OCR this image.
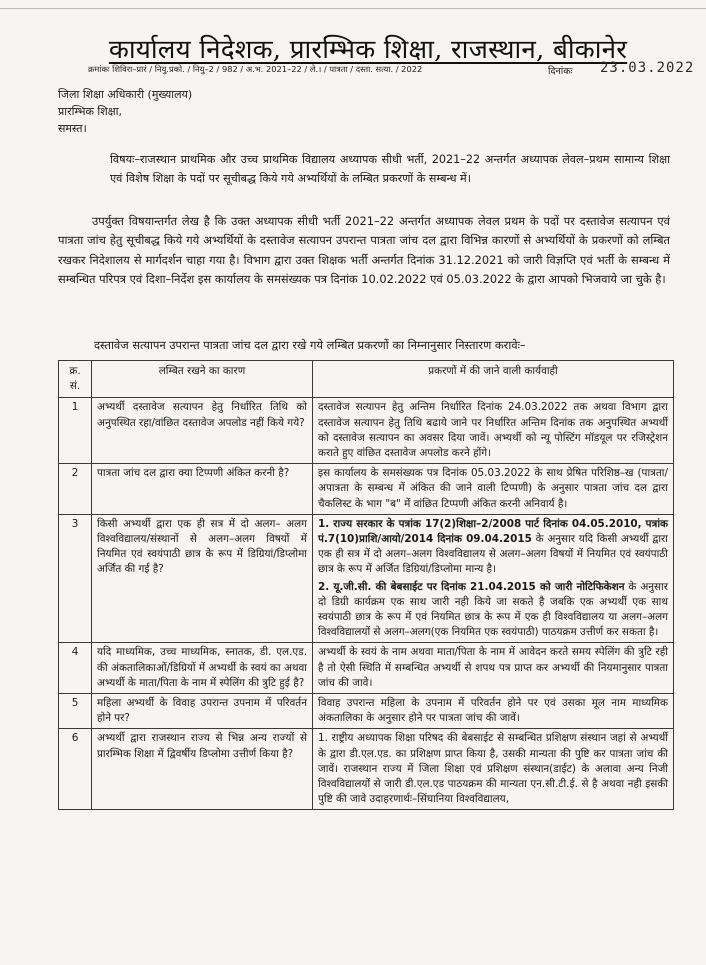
कार्यालय निदेशक, प्रारम्भिक शिक्षा, राजस्थान, बीकानेर
क्रमांकः शिविरा–प्रारं / नियु.प्रको. / नियु–2 / 982 / अ.भ. 2021–22 / ले.। / पात्रता / दस्ता. सत्या. / 2022	दिनांकः 23.03.2022
जिला शिक्षा अधिकारी (मुख्यालय)
प्रारम्भिक शिक्षा,
समस्त।
विषयः–राजस्थान प्राथमिक और उच्च प्राथमिक विद्यालय अध्यापक सीधी भर्ती, 2021–22 अन्तर्गत अध्यापक लेवल–प्रथम सामान्य शिक्षा एवं विशेष शिक्षा के पदों पर सूचीबद्ध किये गये अभ्यर्थियों के लम्बित प्रकरणों के सम्बन्ध में।
उपर्युक्त विषयान्तर्गत लेख है कि उक्त अध्यापक सीधी भर्ती 2021–22 अन्तर्गत अध्यापक लेवल प्रथम के पदों पर दस्तावेज सत्यापन एवं पात्रता जांच हेतु सूचीबद्ध किये गये अभ्यर्थियों के दस्तावेज सत्यापन उपरान्त पात्रता जांच दल द्वारा विभिन्न कारणों से अभ्यर्थियों के प्रकरणों को लम्बित रखकर निदेशालय से मार्गदर्शन चाहा गया है। विभाग द्वारा उक्त शिक्षक भर्ती अन्तर्गत दिनांक 31.12.2021 को जारी विज्ञप्ति एवं भर्ती के सम्बन्ध में सम्बन्धित परिपत्र एवं दिशा–निर्देश इस कार्यालय के समसंख्यक पत्र दिनांक 10.02.2022 एवं 05.03.2022 के द्वारा आपको भिजवाये जा चुके है।
दस्तावेज सत्यापन उपरान्त पात्रता जांच दल द्वारा रखे गये लम्बित प्रकरणों का निम्नानुसार निस्तारण करावेः–
क्र. सं.	लम्बित रखने का कारण	प्रकरणों में की जाने वाली कार्यवाही
1	अभ्यर्थी दस्तावेज सत्यापन हेतु निर्धारित तिथि को अनुपस्थित रहा/वांछित दस्तावेज अपलोड नहीं किये गये?	दस्तावेज सत्यापन हेतु अन्तिम निर्धारित दिनांक 24.03.2022 तक अथवा विभाग द्वारा दस्तावेज सत्यापन हेतु तिथि बढाये जाने पर निर्धारित अन्तिम दिनांक तक अनुपस्थित अभ्यर्थी को दस्तावेज सत्यापन का अवसर दिया जावें। अभ्यर्थी को न्यू पोस्टिंग मॉडयूल पर रजिस्ट्रेशन कराते हुए वांछित दस्तावेज अपलोड करने होंगे।
2	पात्रता जांच दल द्वारा क्या टिप्पणी अंकित करनी है?	इस कार्यालय के समसंख्यक पत्र दिनांक 05.03.2022 के साथ प्रेषित परिशिष्ठ–ख (पात्रता/अपात्रता के सम्बन्ध में अंकित की जाने वाली टिप्पणी) के अनुसार पात्रता जांच दल द्वारा चैकलिस्ट के भाग "ब" में वांछित टिप्पणी अंकित करनी अनिवार्य है।
3	किसी अभ्यर्थी द्वारा एक ही सत्र में दो अलग– अलग विश्वविद्यालय/संस्थानों से अलग–अलग विषयों में नियमित एवं स्वयंपाठी छात्र के रूप में डिग्रियां/डिप्लोमा अर्जित की गई है?	1. राज्य सरकार के पत्रांक 17(2)शिक्षा–2/2008 पार्ट दिनांक 04.05.2010, पत्रांक पं.7(10)प्राशि/आयो/2014 दिनांक 09.04.2015 के अनुसार यदि किसी अभ्यर्थी द्वारा एक ही सत्र में दो अलग–अलग विश्वविद्यालय से अलग–अलग विषयों में नियमित एवं स्वयंपाठी छात्र के रूप में अर्जित डिग्रियां/डिप्लोमा मान्य है।
2. यू.जी.सी. की बेबसाईट पर दिनांक 21.04.2015 को जारी नोटिफिकेशन के अनुसार दो डिग्री कार्यक्रम एक साथ जारी नही किये जा सकते है जबकि एक अभ्यर्थी एक साथ स्वयंपाठी छात्र के रूप में एवं नियमित छात्र के रूप में एक ही विश्वविद्यालय या अलग–अलग विश्वविद्यालयों से अलग–अलग(एक नियमित एक स्वयंपाठी) पाठयक्रम उत्तीर्ण कर सकता है।

4	यदि माध्यमिक, उच्च माध्यमिक, स्नातक, डी. एल.एड. की अंकतालिकाओं/डिग्रियों में अभ्यर्थी के स्वयं का अथवा अभ्यर्थी के माता/पिता के नाम में स्पेलिंग की त्रुटि हुई है?	अभ्यर्थी के स्वयं के नाम अथवा माता/पिता के नाम में आवेदन करते समय स्पेलिंग की त्रुटि रही है तो ऐसी स्थिति में सम्बन्धित अभ्यर्थी से शपथ पत्र प्राप्त कर अभ्यर्थी की नियमानुसार पात्रता जांच की जावे।
5	महिला अभ्यर्थी के विवाह उपरान्त उपनाम में परिवर्तन होने पर?	विवाह उपरान्त महिला के उपनाम में परिवर्तन होने पर एवं उसका मूल नाम माध्यमिक अंकतालिका के अनुसार होने पर पात्रता जांच की जावें।
6	अभ्यर्थी द्वारा राजस्थान राज्य से भिन्न अन्य राज्यों से प्रारम्भिक शिक्षा में द्विवर्षीय डिप्लोमा उत्तीर्ण किया है?	1. राष्ट्रीय अध्यापक शिक्षा परिषद की बेबसाईट से सम्बन्धित प्रशिक्षण संस्थान जहां से अभ्यर्थी के द्वारा डी.एल.एड. का प्रशिक्षण प्राप्त किया है, उसकी मान्यता की पुष्टि कर पात्रता जांच की जावें। राजस्थान राज्य में जिला शिक्षा एवं प्रशिक्षण संस्थान(डाईट) के अलावा अन्य निजी विश्वविद्यालयों से जारी डी.एल.एड पाठयक्रम की मान्यता एन.सी.टी.ई. से है अथवा नही इसकी पुष्टि की जावे उदाहरणार्थः–सिंघानिया विश्वविद्यालय,
